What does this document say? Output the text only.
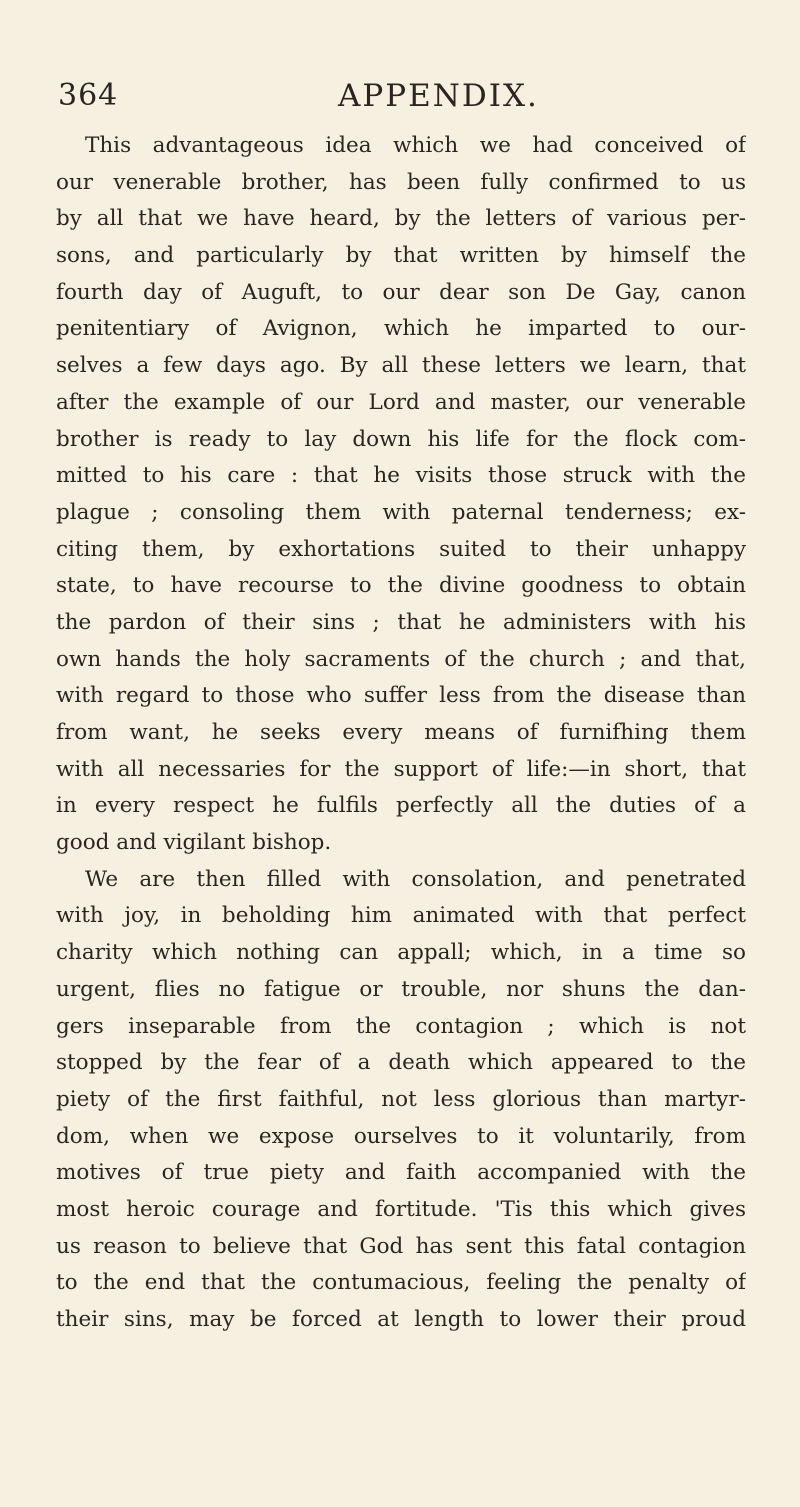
364	APPENDIX.
This advantageous idea which we had conceived of
our venerable brother, has been fully confirmed to us
by all that we have heard, by the letters of various per-
sons, and particularly by that written by himself the
fourth day of Auguft, to our dear son De Gay, canon
penitentiary of Avignon, which he imparted to our-
selves a few days ago. By all these letters we learn, that
after the example of our Lord and master, our venerable
brother is ready to lay down his life for the flock com-
mitted to his care : that he visits those struck with the
plague ; consoling them with paternal tenderness; ex-
citing them, by exhortations suited to their unhappy
state, to have recourse to the divine goodness to obtain
the pardon of their sins ; that he administers with his
own hands the holy sacraments of the church ; and that,
with regard to those who suffer less from the disease than
from want, he seeks every means of furnifhing them
with all necessaries for the support of life:—in short, that
in every respect he fulfils perfectly all the duties of a
good and vigilant bishop.
We are then filled with consolation, and penetrated
with joy, in beholding him animated with that perfect
charity which nothing can appall; which, in a time so
urgent, flies no fatigue or trouble, nor shuns the dan-
gers inseparable from the contagion ; which is not
stopped by the fear of a death which appeared to the
piety of the first faithful, not less glorious than martyr-
dom, when we expose ourselves to it voluntarily, from
motives of true piety and faith accompanied with the
most heroic courage and fortitude. 'Tis this which gives
us reason to believe that God has sent this fatal contagion
to the end that the contumacious, feeling the penalty of
their sins, may be forced at length to lower their proud
